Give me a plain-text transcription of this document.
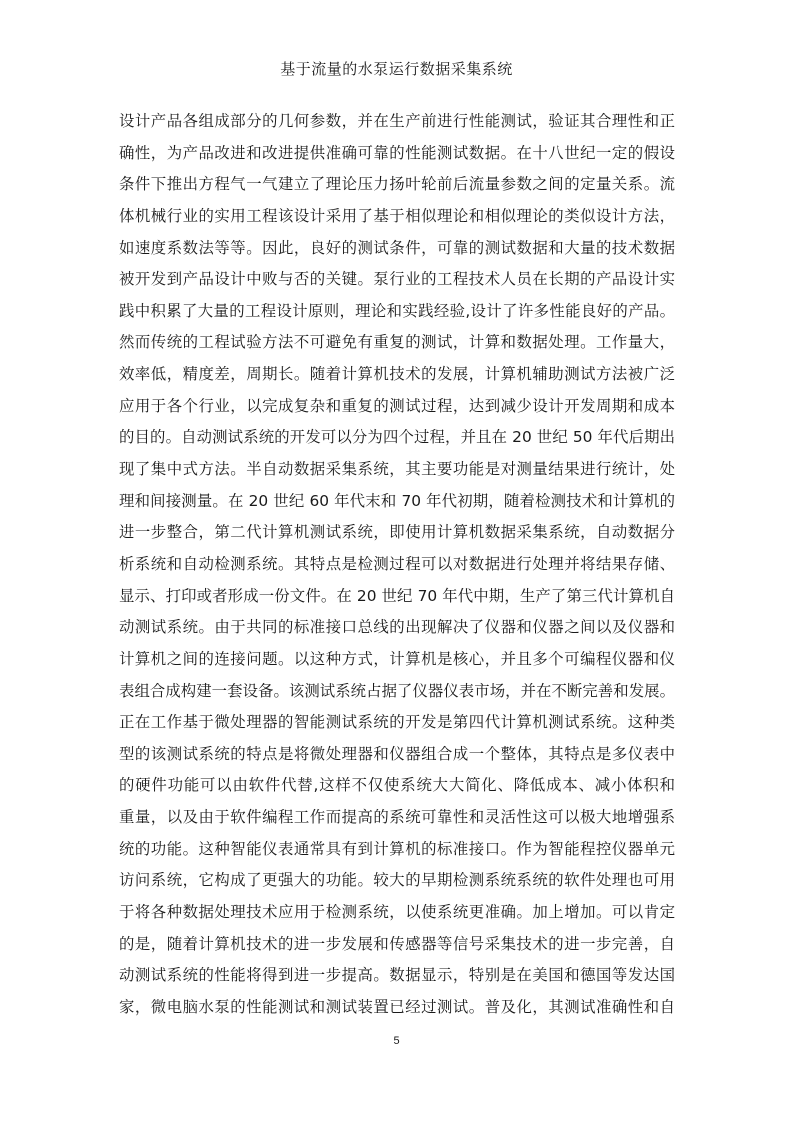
基于流量的水泵运行数据采集系统
设计产品各组成部分的几何参数，并在生产前进行性能测试，验证其合理性和正
确性，为产品改进和改进提供准确可靠的性能测试数据。在十八世纪一定的假设
条件下推出方程气一气建立了理论压力扬叶轮前后流量参数之间的定量关系。流
体机械行业的实用工程该设计采用了基于相似理论和相似理论的类似设计方法，
如速度系数法等等。因此，良好的测试条件，可靠的测试数据和大量的技术数据
被开发到产品设计中败与否的关键。泵行业的工程技术人员在长期的产品设计实
践中积累了大量的工程设计原则，理论和实践经验,设计了许多性能良好的产品。
然而传统的工程试验方法不可避免有重复的测试，计算和数据处理。工作量大，
效率低，精度差，周期长。随着计算机技术的发展，计算机辅助测试方法被广泛
应用于各个行业，以完成复杂和重复的测试过程，达到减少设计开发周期和成本
的目的。自动测试系统的开发可以分为四个过程，并且在 20 世纪 50 年代后期出
现了集中式方法。半自动数据采集系统，其主要功能是对测量结果进行统计，处
理和间接测量。在 20 世纪 60 年代末和 70 年代初期，随着检测技术和计算机的
进一步整合，第二代计算机测试系统，即使用计算机数据采集系统，自动数据分
析系统和自动检测系统。其特点是检测过程可以对数据进行处理并将结果存储、
显示、打印或者形成一份文件。在 20 世纪 70 年代中期，生产了第三代计算机自
动测试系统。由于共同的标准接口总线的出现解决了仪器和仪器之间以及仪器和
计算机之间的连接问题。以这种方式，计算机是核心，并且多个可编程仪器和仪
表组合成构建一套设备。该测试系统占据了仪器仪表市场，并在不断完善和发展。
正在工作基于微处理器的智能测试系统的开发是第四代计算机测试系统。这种类
型的该测试系统的特点是将微处理器和仪器组合成一个整体，其特点是多仪表中
的硬件功能可以由软件代替,这样不仅使系统大大简化、降低成本、减小体积和
重量，以及由于软件编程工作而提高的系统可靠性和灵活性这可以极大地增强系
统的功能。这种智能仪表通常具有到计算机的标准接口。作为智能程控仪器单元
访问系统，它构成了更强大的功能。较大的早期检测系统系统的软件处理也可用
于将各种数据处理技术应用于检测系统，以使系统更准确。加上增加。可以肯定
的是，随着计算机技术的进一步发展和传感器等信号采集技术的进一步完善，自
动测试系统的性能将得到进一步提高。数据显示，特别是在美国和德国等发达国
家，微电脑水泵的性能测试和测试装置已经过测试。普及化，其测试准确性和自
5
